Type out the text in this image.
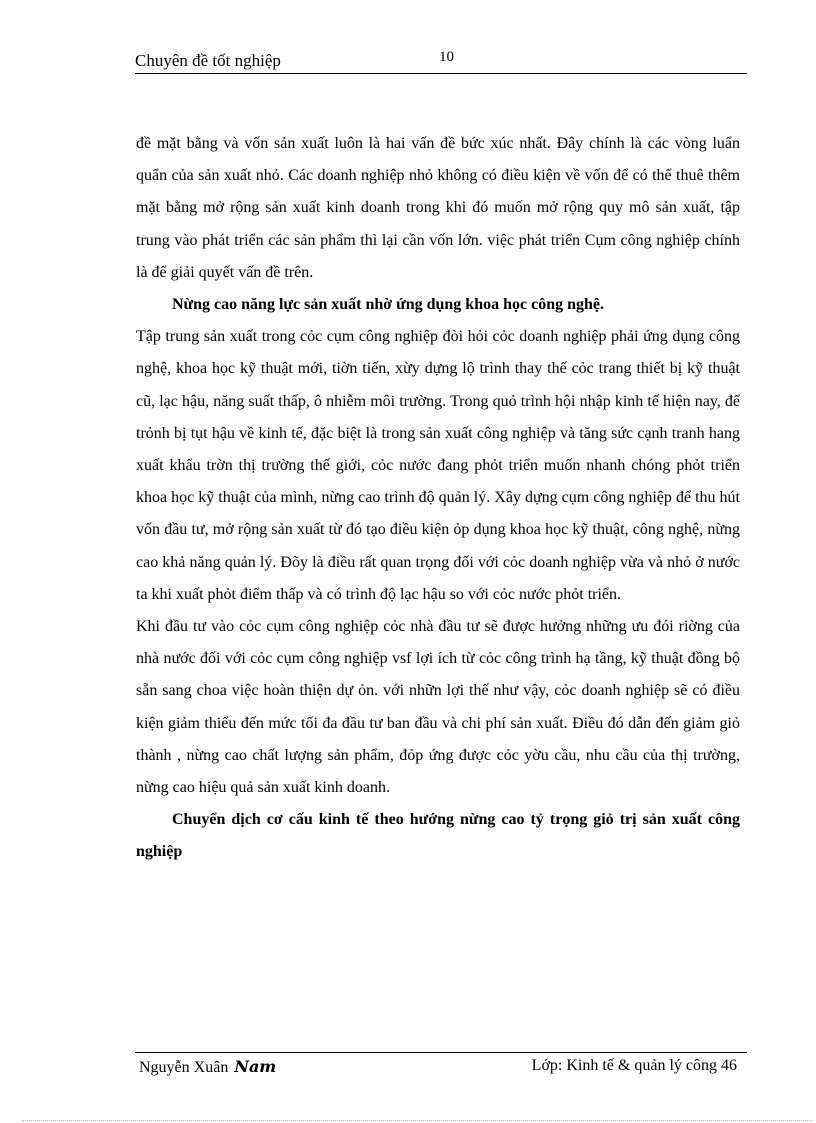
Chuyên đề tốt nghiệp	10

đề mặt bằng và vốn sản xuất luôn là hai vấn đề bức xúc nhất. Đây chính là các vòng luẩn quẩn của sản xuất nhỏ. Các doanh nghiệp nhỏ không có điều kiện về vốn để có thể thuê thêm mặt bằng mở rộng sản xuất kinh doanh trong khi đó muốn mở rộng quy mô sản xuất, tập trung vào phát triển các sản phẩm thì lại cần vốn lớn. việc phát triển Cụm công nghiệp chính là để giải quyết vấn đề trên.

Nừng cao năng lực sản xuất nhờ ứng dụng khoa học công nghệ.

Tập trung sản xuất trong cỏc cụm công nghiệp đòi hỏi cỏc doanh nghiệp phải ứng dụng công nghệ, khoa học kỹ thuật mới, tiờn tiến, xừy dựng lộ trình thay thế cỏc trang thiết bị kỹ thuật cũ, lạc hậu, năng suất thấp, ô nhiễm môi trường. Trong quỏ trình hội nhập kinh tế hiện nay, để trỏnh bị tụt hậu về kinh tế, đặc biệt là trong sản xuất công nghiệp và tăng sức cạnh tranh hang xuất khẩu trờn thị trường thế giới, cỏc nước đang phỏt triển muốn nhanh chóng phỏt triển khoa học kỹ thuật của mình, nừng cao trình độ quản lý. Xây dựng cụm công nghiệp để thu hút vốn đầu tư, mở rộng sản xuất từ đó tạo điều kiện ỏp dụng khoa học kỹ thuật, công nghệ, nừng cao khả năng quản lý. Đõy là điều rất quan trọng đối với cỏc doanh nghiệp vừa và nhỏ ở nước ta khi xuất phỏt điểm thấp và có trình độ lạc hậu so với cỏc nước phỏt triển.

Khi đầu tư vào cỏc cụm công nghiệp cỏc nhà đầu tư sẽ được hưởng những ưu đói riờng của nhà nước đối với cỏc cụm công nghiệp vsf lợi ích từ cỏc công trình hạ tầng, kỹ thuật đồng bộ sẵn sang choa việc hoàn thiện dự ỏn. với nhữn lợi thế như vậy, cỏc doanh nghiệp sẽ có điều kiện giảm thiểu đến mức tối đa đầu tư ban đầu và chi phí sản xuất. Điều đó dẫn đến giảm giỏ thành , nừng cao chất lượng sản phẩm, đỏp ứng được cỏc yờu cầu, nhu cầu của thị trường, nừng cao hiệu quả sản xuất kinh doanh.

Chuyển dịch cơ cấu kinh tế theo hướng nừng cao tỷ trọng giỏ trị sản xuất công nghiệp

Nguyễn Xuân Nam	Lớp: Kinh tế & quản lý công 46
